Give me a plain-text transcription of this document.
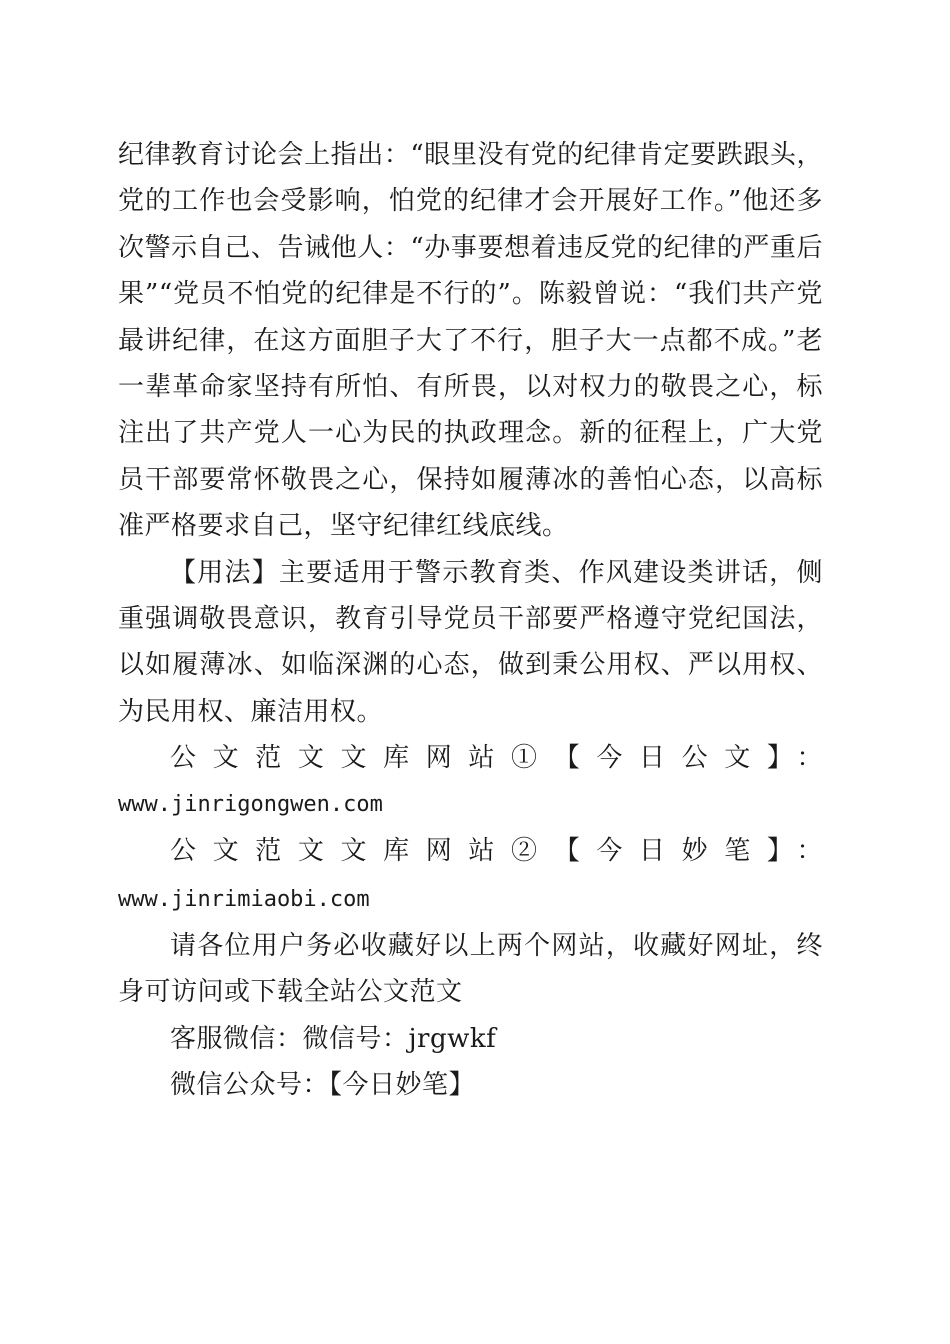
纪律教育讨论会上指出：“眼里没有党的纪律肯定要跌跟头，党的工作也会受影响，怕党的纪律才会开展好工作。”他还多次警示自己、告诫他人：“办事要想着违反党的纪律的严重后果”“党员不怕党的纪律是不行的”。陈毅曾说：“我们共产党最讲纪律，在这方面胆子大了不行，胆子大一点都不成。”老一辈革命家坚持有所怕、有所畏，以对权力的敬畏之心，标注出了共产党人一心为民的执政理念。新的征程上，广大党员干部要常怀敬畏之心，保持如履薄冰的善怕心态，以高标准严格要求自己，坚守纪律红线底线。

【用法】主要适用于警示教育类、作风建设类讲话，侧重强调敬畏意识，教育引导党员干部要严格遵守党纪国法，以如履薄冰、如临深渊的心态，做到秉公用权、严以用权、为民用权、廉洁用权。

公文范文文库网站①【今日公文】：

www.jinrigongwen.com

公文范文文库网站②【今日妙笔】：www.jinrimiaobi.com

请各位用户务必收藏好以上两个网站，收藏好网址，终身可访问或下载全站公文范文

客服微信：微信号：jrgwkf

微信公众号：【今日妙笔】
